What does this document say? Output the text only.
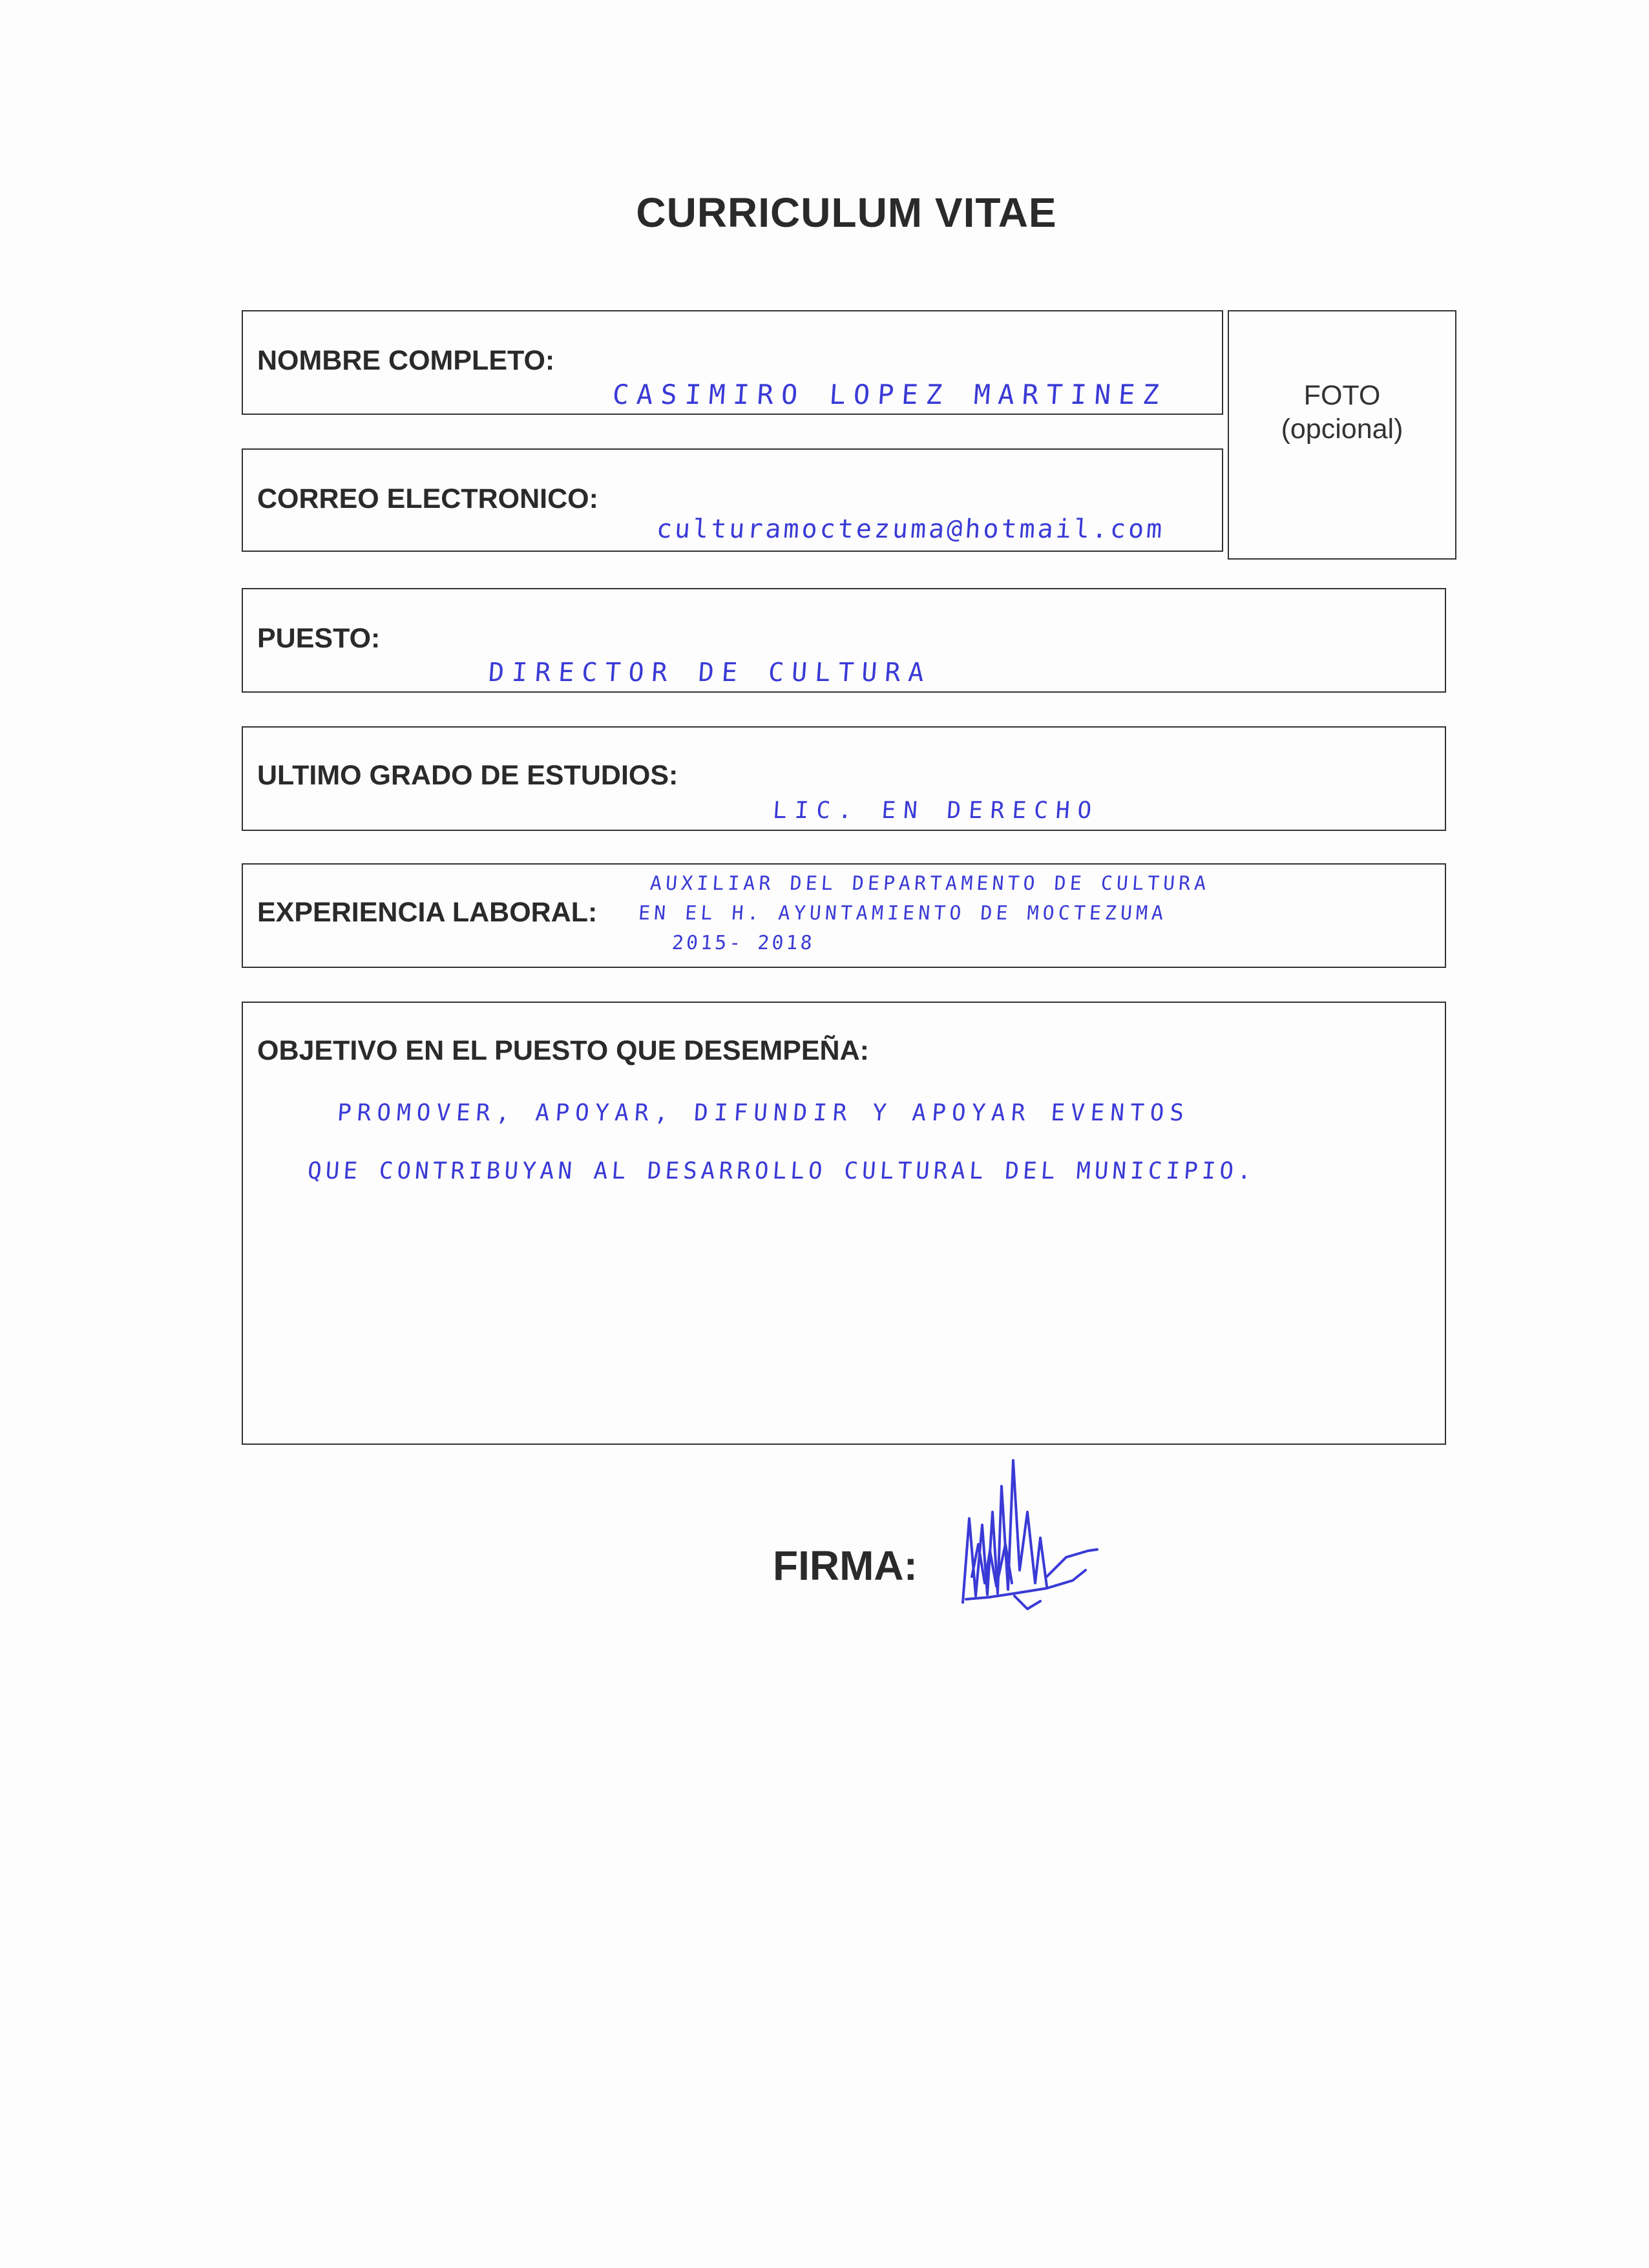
CURRICULUM VITAE
NOMBRE COMPLETO:
CASIMIRO LOPEZ MARTINEZ
CORREO ELECTRONICO:
culturamoctezuma@hotmail.com
FOTO
(opcional)
PUESTO:
DIRECTOR DE CULTURA
ULTIMO GRADO DE ESTUDIOS:
LIC. EN DERECHO
EXPERIENCIA LABORAL:
AUXILIAR DEL DEPARTAMENTO DE CULTURA
EN EL H. AYUNTAMIENTO DE MOCTEZUMA
2015- 2018
OBJETIVO EN EL PUESTO QUE DESEMPEÑA:
PROMOVER, APOYAR, DIFUNDIR Y APOYAR EVENTOS
QUE CONTRIBUYAN AL DESARROLLO CULTURAL DEL MUNICIPIO.
FIRMA:
